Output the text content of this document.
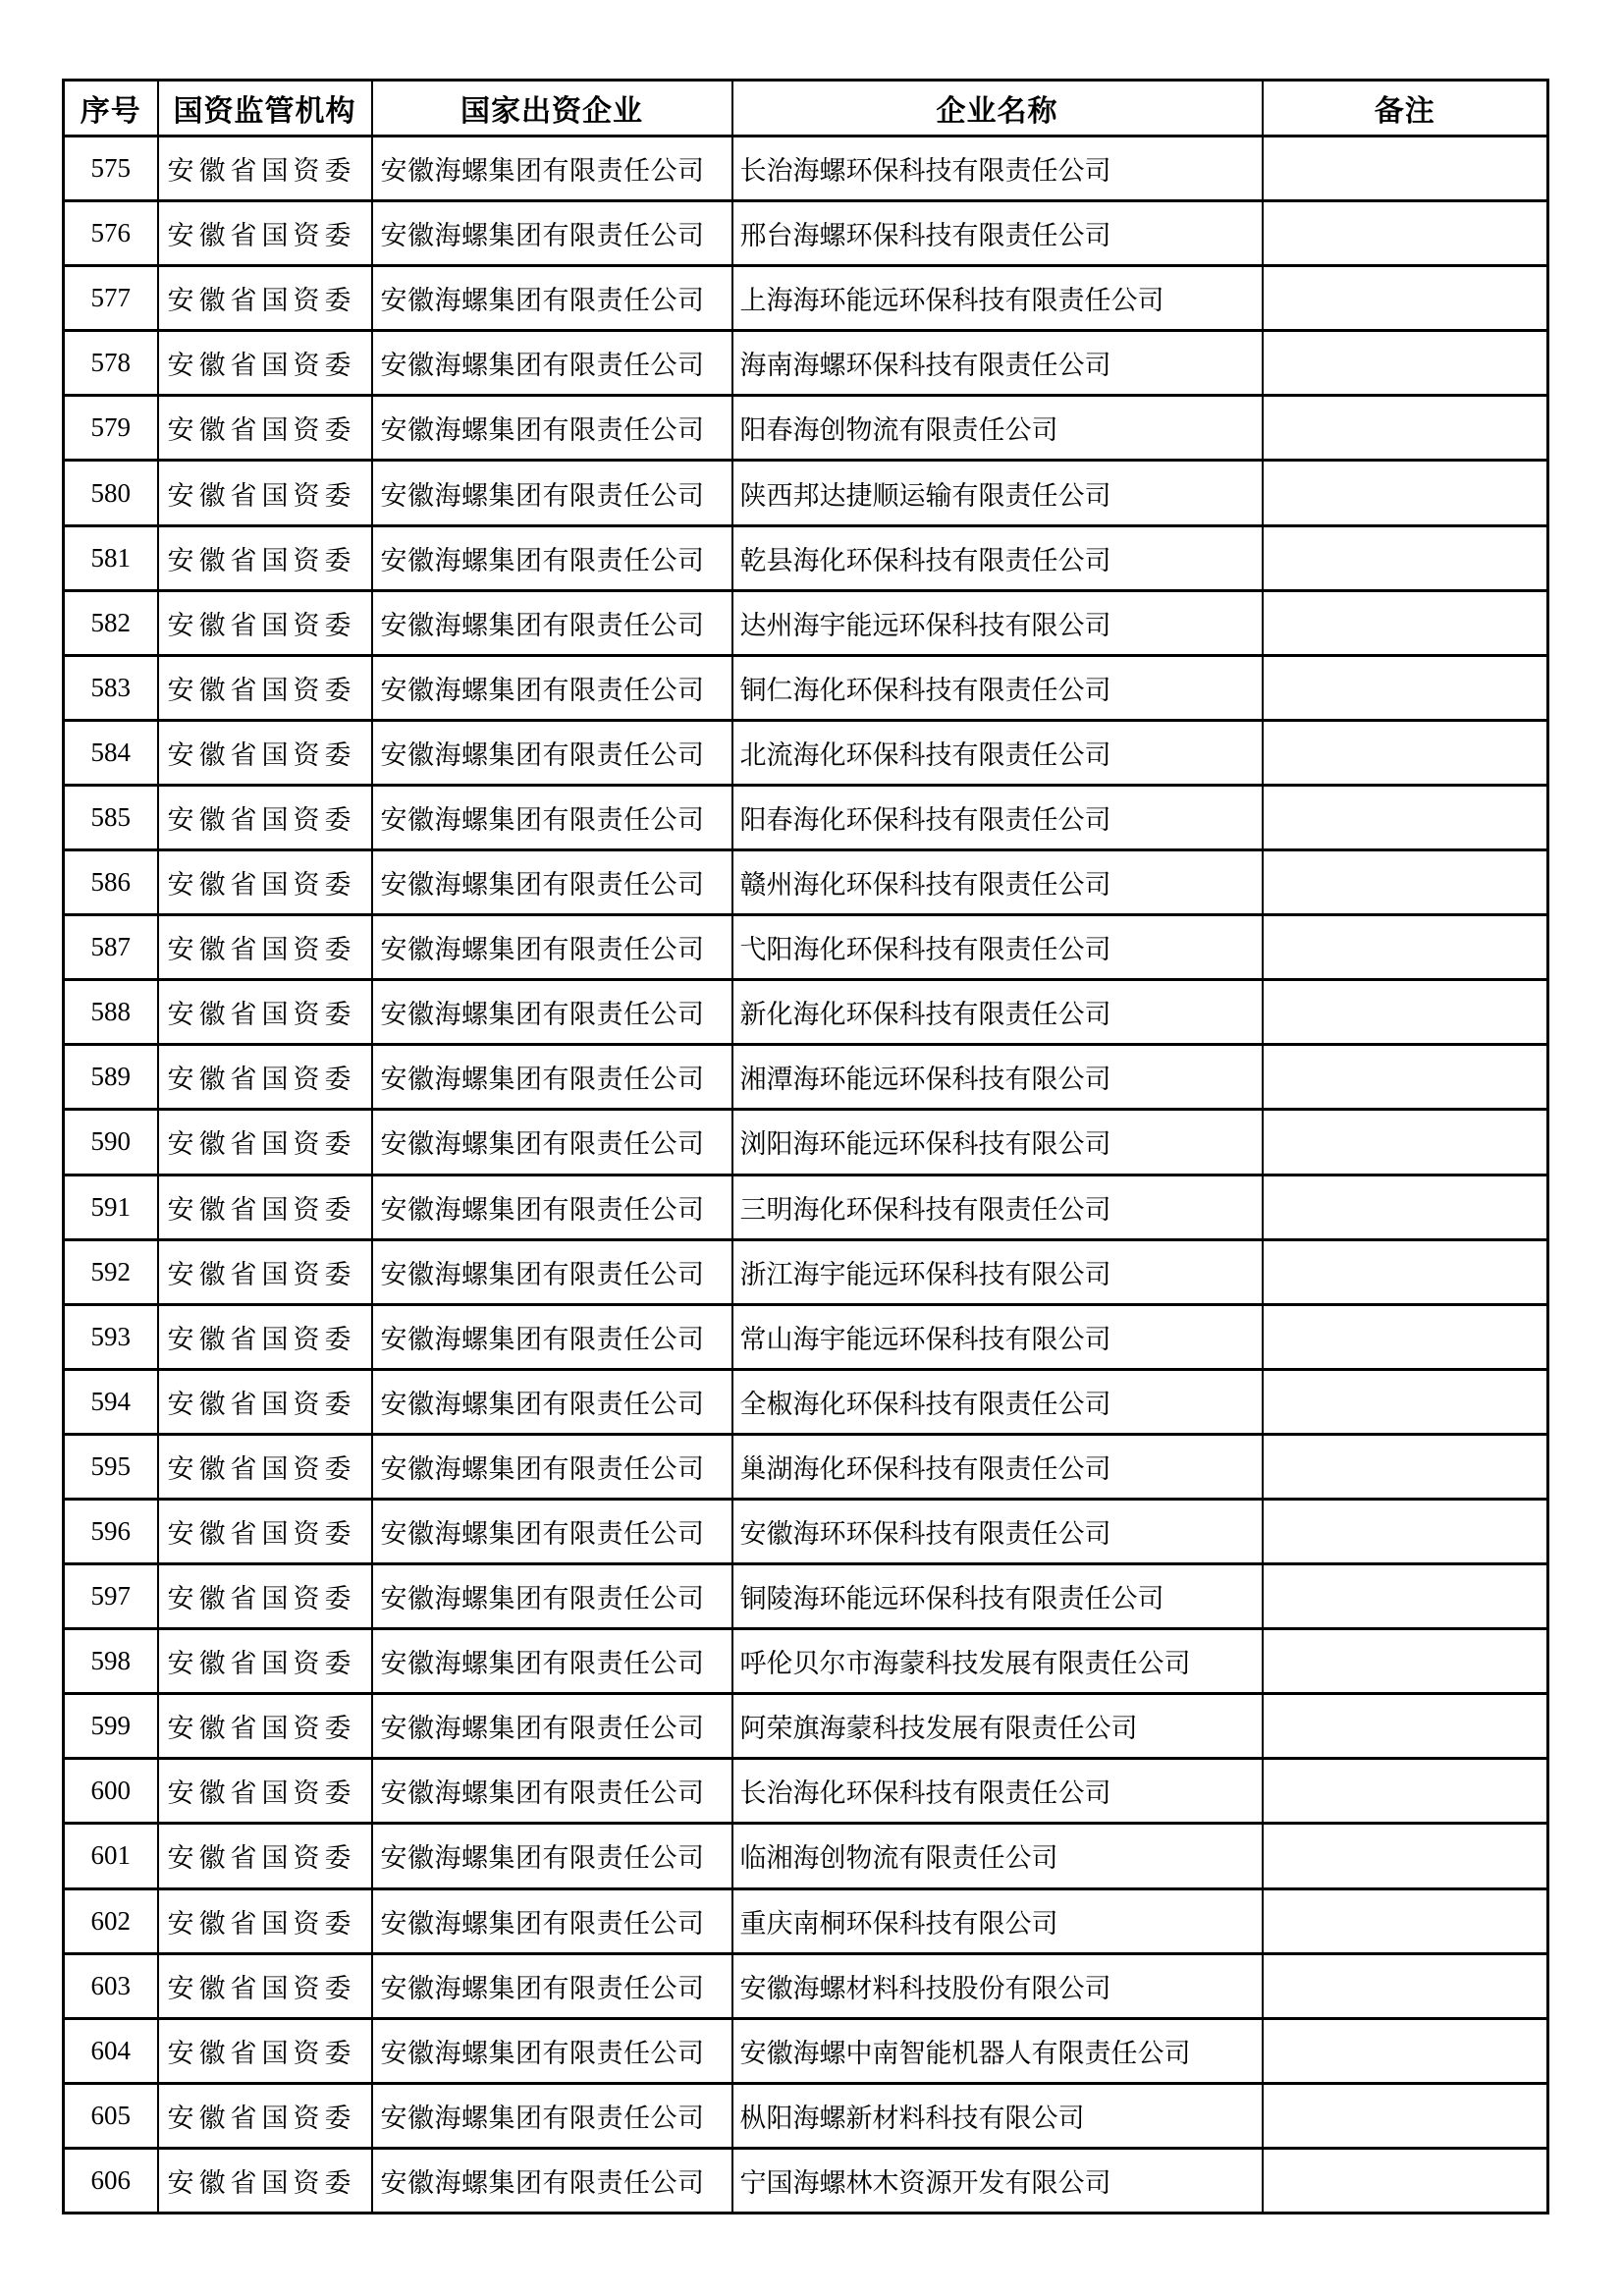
序号	国资监管机构	国家出资企业	企业名称	备注
575	安徽省国资委	安徽海螺集团有限责任公司	长治海螺环保科技有限责任公司	
576	安徽省国资委	安徽海螺集团有限责任公司	邢台海螺环保科技有限责任公司	
577	安徽省国资委	安徽海螺集团有限责任公司	上海海环能远环保科技有限责任公司	
578	安徽省国资委	安徽海螺集团有限责任公司	海南海螺环保科技有限责任公司	
579	安徽省国资委	安徽海螺集团有限责任公司	阳春海创物流有限责任公司	
580	安徽省国资委	安徽海螺集团有限责任公司	陕西邦达捷顺运输有限责任公司	
581	安徽省国资委	安徽海螺集团有限责任公司	乾县海化环保科技有限责任公司	
582	安徽省国资委	安徽海螺集团有限责任公司	达州海宇能远环保科技有限公司	
583	安徽省国资委	安徽海螺集团有限责任公司	铜仁海化环保科技有限责任公司	
584	安徽省国资委	安徽海螺集团有限责任公司	北流海化环保科技有限责任公司	
585	安徽省国资委	安徽海螺集团有限责任公司	阳春海化环保科技有限责任公司	
586	安徽省国资委	安徽海螺集团有限责任公司	赣州海化环保科技有限责任公司	
587	安徽省国资委	安徽海螺集团有限责任公司	弋阳海化环保科技有限责任公司	
588	安徽省国资委	安徽海螺集团有限责任公司	新化海化环保科技有限责任公司	
589	安徽省国资委	安徽海螺集团有限责任公司	湘潭海环能远环保科技有限公司	
590	安徽省国资委	安徽海螺集团有限责任公司	浏阳海环能远环保科技有限公司	
591	安徽省国资委	安徽海螺集团有限责任公司	三明海化环保科技有限责任公司	
592	安徽省国资委	安徽海螺集团有限责任公司	浙江海宇能远环保科技有限公司	
593	安徽省国资委	安徽海螺集团有限责任公司	常山海宇能远环保科技有限公司	
594	安徽省国资委	安徽海螺集团有限责任公司	全椒海化环保科技有限责任公司	
595	安徽省国资委	安徽海螺集团有限责任公司	巢湖海化环保科技有限责任公司	
596	安徽省国资委	安徽海螺集团有限责任公司	安徽海环环保科技有限责任公司	
597	安徽省国资委	安徽海螺集团有限责任公司	铜陵海环能远环保科技有限责任公司	
598	安徽省国资委	安徽海螺集团有限责任公司	呼伦贝尔市海蒙科技发展有限责任公司	
599	安徽省国资委	安徽海螺集团有限责任公司	阿荣旗海蒙科技发展有限责任公司	
600	安徽省国资委	安徽海螺集团有限责任公司	长治海化环保科技有限责任公司	
601	安徽省国资委	安徽海螺集团有限责任公司	临湘海创物流有限责任公司	
602	安徽省国资委	安徽海螺集团有限责任公司	重庆南桐环保科技有限公司	
603	安徽省国资委	安徽海螺集团有限责任公司	安徽海螺材料科技股份有限公司	
604	安徽省国资委	安徽海螺集团有限责任公司	安徽海螺中南智能机器人有限责任公司	
605	安徽省国资委	安徽海螺集团有限责任公司	枞阳海螺新材料科技有限公司	
606	安徽省国资委	安徽海螺集团有限责任公司	宁国海螺林木资源开发有限公司	
